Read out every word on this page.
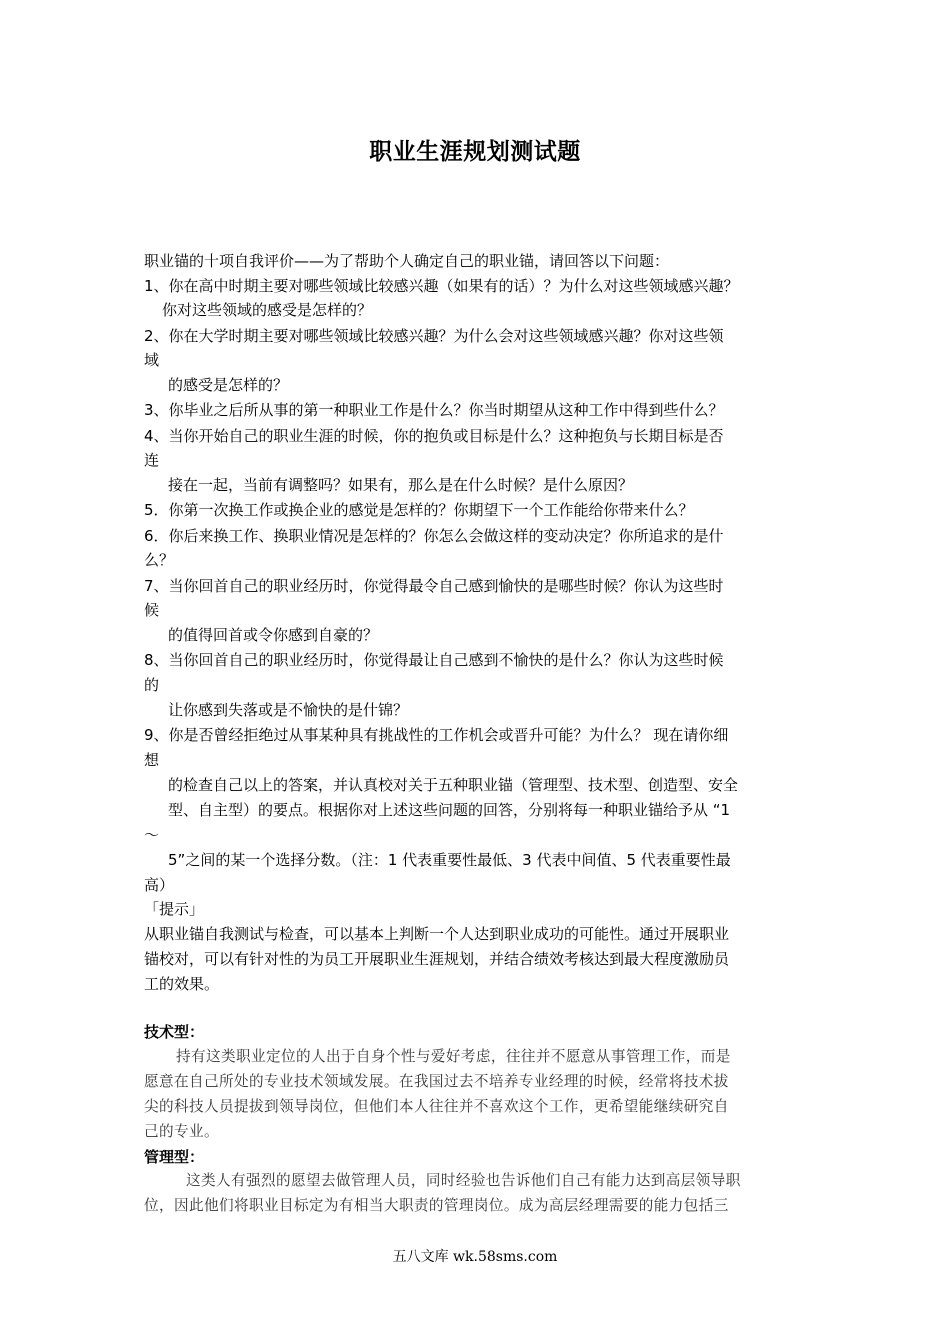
职业生涯规划测试题
职业锚的十项自我评价——为了帮助个人确定自己的职业锚，请回答以下问题：
1、你在高中时期主要对哪些领域比较感兴趣（如果有的话）？为什么对这些领域感兴趣？
你对这些领域的感受是怎样的？
2、你在大学时期主要对哪些领域比较感兴趣？为什么会对这些领域感兴趣？你对这些领
域
的感受是怎样的？
3、你毕业之后所从事的第一种职业工作是什么？你当时期望从这种工作中得到些什么？
4、当你开始自己的职业生涯的时候，你的抱负或目标是什么？这种抱负与长期目标是否
连
接在一起，当前有调整吗？如果有，那么是在什么时候？是什么原因？
5．你第一次换工作或换企业的感觉是怎样的？你期望下一个工作能给你带来什么？
6．你后来换工作、换职业情况是怎样的？你怎么会做这样的变动决定？你所追求的是什
么？
7、当你回首自己的职业经历时，你觉得最令自己感到愉快的是哪些时候？你认为这些时
候
的值得回首或令你感到自豪的？
8、当你回首自己的职业经历时，你觉得最让自己感到不愉快的是什么？你认为这些时候
的
让你感到失落或是不愉快的是什锦？
9、你是否曾经拒绝过从事某种具有挑战性的工作机会或晋升可能？为什么？ 现在请你细
想
的检查自己以上的答案，并认真校对关于五种职业锚（管理型、技术型、创造型、安全
型、自主型）的要点。根据你对上述这些问题的回答，分别将每一种职业锚给予从 “1
～
5”之间的某一个选择分数。（注：1 代表重要性最低、3 代表中间值、5 代表重要性最
高）
「提示」
从职业锚自我测试与检查，可以基本上判断一个人达到职业成功的可能性。通过开展职业
锚校对，可以有针对性的为员工开展职业生涯规划，并结合绩效考核达到最大程度激励员
工的效果。
技术型：
持有这类职业定位的人出于自身个性与爱好考虑，往往并不愿意从事管理工作，而是
愿意在自己所处的专业技术领域发展。在我国过去不培养专业经理的时候，经常将技术拔
尖的科技人员提拔到领导岗位，但他们本人往往并不喜欢这个工作，更希望能继续研究自
己的专业。
管理型：
这类人有强烈的愿望去做管理人员，同时经验也告诉他们自己有能力达到高层领导职
位，因此他们将职业目标定为有相当大职责的管理岗位。成为高层经理需要的能力包括三
五八文库 wk.58sms.com
